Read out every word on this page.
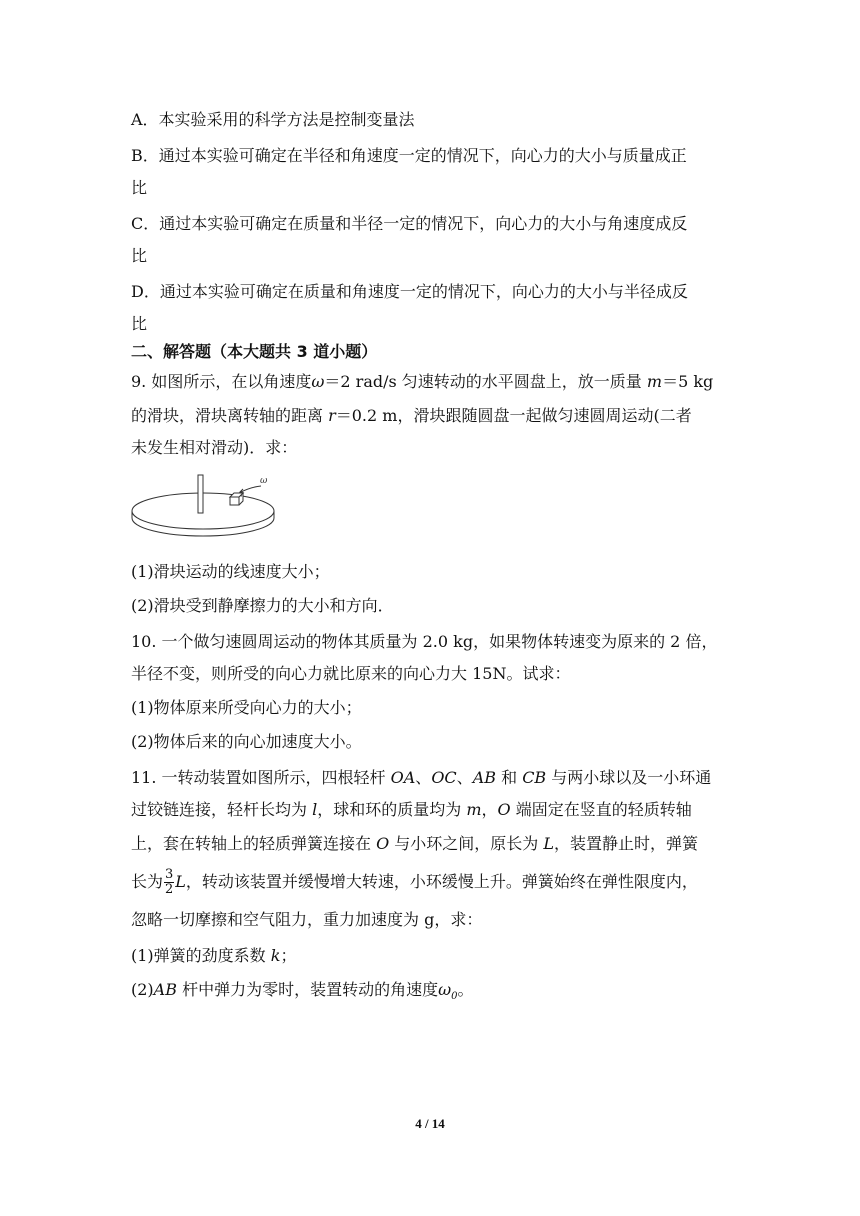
A．本实验采用的科学方法是控制变量法
B．通过本实验可确定在半径和角速度一定的情况下，向心力的大小与质量成正
比
C．通过本实验可确定在质量和半径一定的情况下，向心力的大小与角速度成反
比
D．通过本实验可确定在质量和角速度一定的情况下，向心力的大小与半径成反
比
二、解答题（本大题共 3 道小题）
9. 如图所示，在以角速度ω＝2 rad/s 匀速转动的水平圆盘上，放一质量 m＝5 kg
的滑块，滑块离转轴的距离 r＝0.2 m，滑块跟随圆盘一起做匀速圆周运动(二者
未发生相对滑动)．求：
ω
(1)滑块运动的线速度大小；
(2)滑块受到静摩擦力的大小和方向．
10. 一个做匀速圆周运动的物体其质量为 2.0 kg，如果物体转速变为原来的 2 倍，
半径不变，则所受的向心力就比原来的向心力大 15N。试求：
(1)物体原来所受向心力的大小；
(2)物体后来的向心加速度大小。
11. 一转动装置如图所示，四根轻杆 OA、OC、AB 和 CB 与两小球以及一小环通
过铰链连接，轻杆长均为 l，球和环的质量均为 m，O 端固定在竖直的轻质转轴
上，套在转轴上的轻质弹簧连接在 O 与小环之间，原长为 L，装置静止时，弹簧
长为 $\frac{3}{2}$ L，转动该装置并缓慢增大转速，小环缓慢上升。弹簧始终在弹性限度内，
忽略一切摩擦和空气阻力，重力加速度为 g，求：
(1)弹簧的劲度系数 k；
(2)AB 杆中弹力为零时，装置转动的角速度$\omega_0$。
4 / 14
